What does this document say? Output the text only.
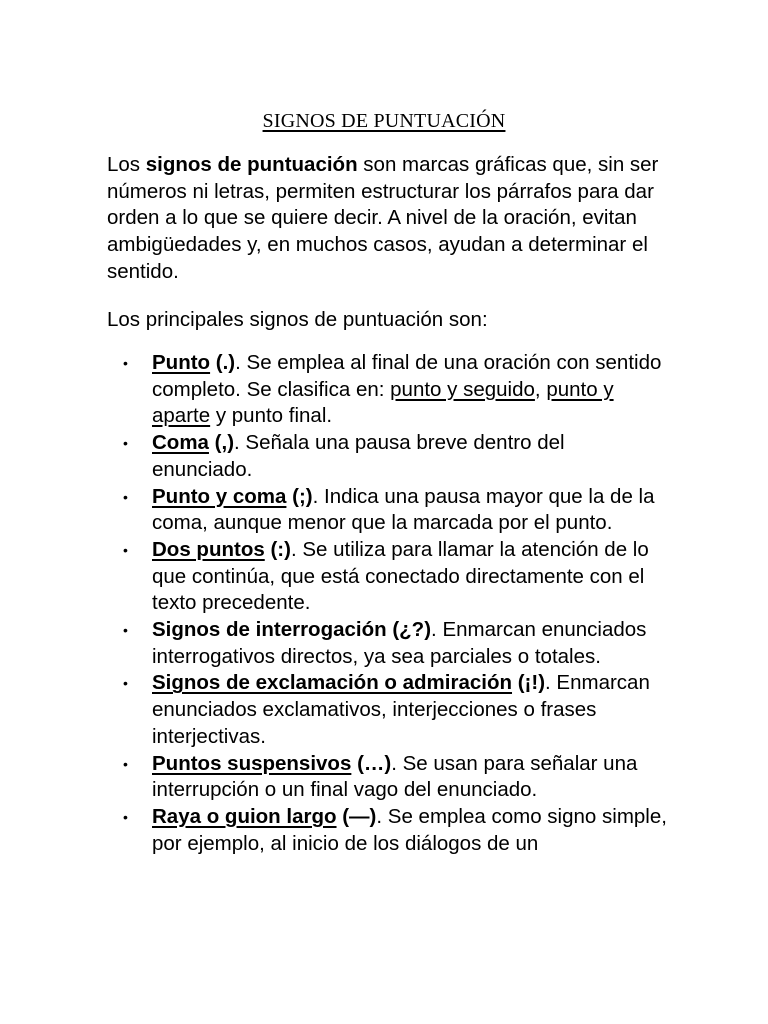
SIGNOS DE PUNTUACIÓN

Los signos de puntuación son marcas gráficas que, sin ser números ni letras, permiten estructurar los párrafos para dar orden a lo que se quiere decir. A nivel de la oración, evitan ambigüedades y, en muchos casos, ayudan a determinar el sentido.

Los principales signos de puntuación son:

• Punto (.). Se emplea al final de una oración con sentido completo. Se clasifica en: punto y seguido, punto y aparte y punto final.
• Coma (,). Señala una pausa breve dentro del enunciado.
• Punto y coma (;). Indica una pausa mayor que la de la coma, aunque menor que la marcada por el punto.
• Dos puntos (:). Se utiliza para llamar la atención de lo que continúa, que está conectado directamente con el texto precedente.
• Signos de interrogación (¿?). Enmarcan enunciados interrogativos directos, ya sea parciales o totales.
• Signos de exclamación o admiración (¡!). Enmarcan enunciados exclamativos, interjecciones o frases interjectivas.
• Puntos suspensivos (…). Se usan para señalar una interrupción o un final vago del enunciado.
• Raya o guion largo (—). Se emplea como signo simple, por ejemplo, al inicio de los diálogos de un
